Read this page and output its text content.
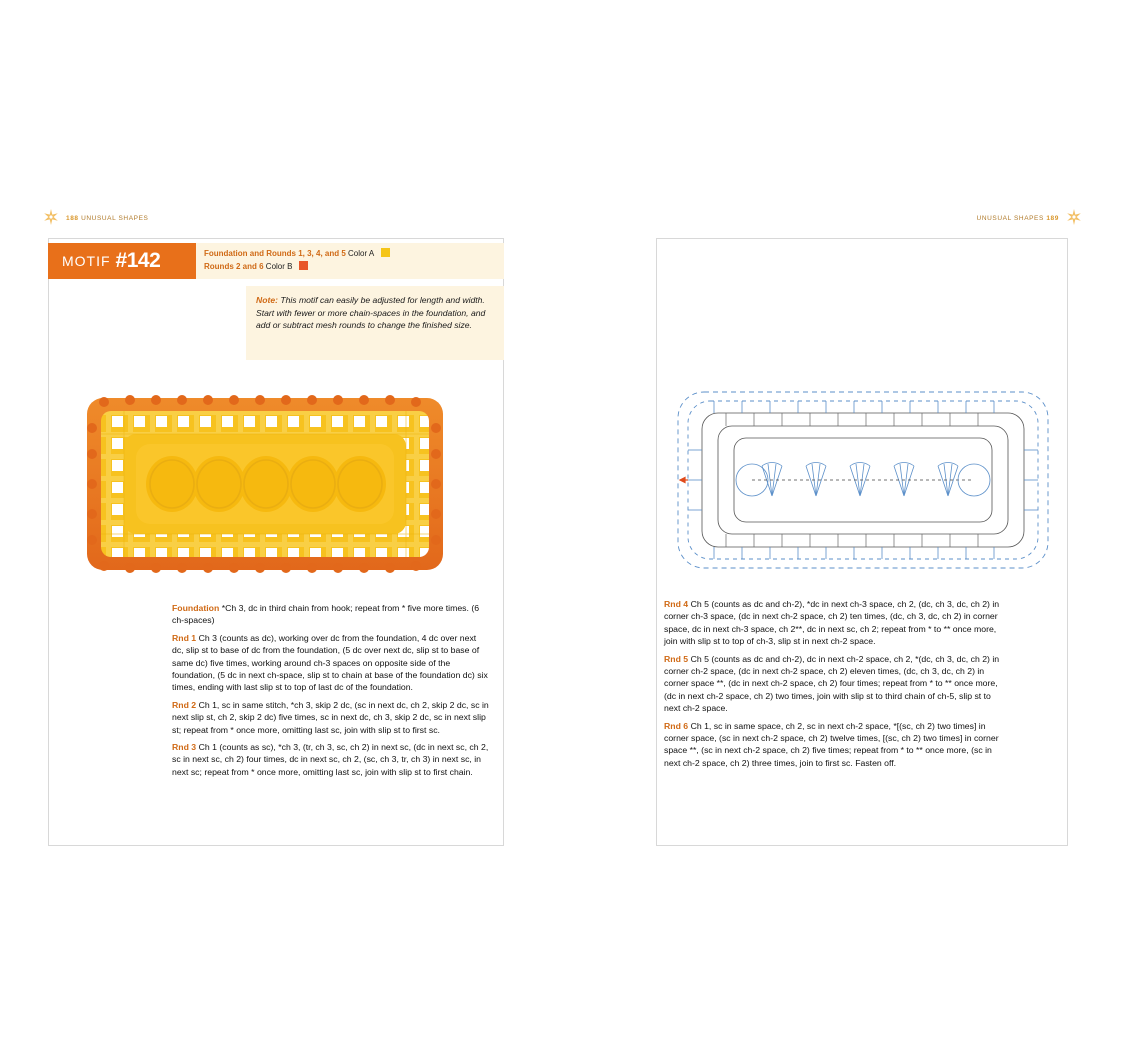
188 UNUSUAL SHAPES
MOTIF #142	Foundation and Rounds 1, 3, 4, and 5 Color A
Rounds 2 and 6 Color B

Note: This motif can easily be adjusted for length and width. Start with fewer or more chain-spaces in the foundation, and add or subtract mesh rounds to change the finished size.

Foundation *Ch 3, dc in third chain from hook; repeat from * five more times. (6 ch-spaces)

Rnd 1 Ch 3 (counts as dc), working over dc from the foundation, 4 dc over next dc, slip st to base of dc from the foundation, (5 dc over next dc, slip st to base of same dc) five times, working around ch-3 spaces on opposite side of the foundation, (5 dc in next ch-space, slip st to chain at base of the foundation dc) six times, ending with last slip st to top of last dc of the foundation.

Rnd 2 Ch 1, sc in same stitch, *ch 3, skip 2 dc, (sc in next dc, ch 2, skip 2 dc, sc in next slip st, ch 2, skip 2 dc) five times, sc in next dc, ch 3, skip 2 dc, sc in next slip st; repeat from * once more, omitting last sc, join with slip st to first sc.

Rnd 3 Ch 1 (counts as sc), *ch 3, (tr, ch 3, sc, ch 2) in next sc, (dc in next sc, ch 2, sc in next sc, ch 2) four times, dc in next sc, ch 2, (sc, ch 3, tr, ch 3) in next sc, in next sc; repeat from * once more, omitting last sc, join with slip st to first chain.

UNUSUAL SHAPES 189

Rnd 4 Ch 5 (counts as dc and ch-2), *dc in next ch-3 space, ch 2, (dc, ch 3, dc, ch 2) in corner ch-3 space, (dc in next ch-2 space, ch 2) ten times, (dc, ch 3, dc, ch 2) in corner space, dc in next ch-3 space, ch 2**, dc in next sc, ch 2; repeat from * to ** once more, join with slip st to top of ch-3, slip st in next ch-2 space.

Rnd 5 Ch 5 (counts as dc and ch-2), dc in next ch-2 space, ch 2, *(dc, ch 3, dc, ch 2) in corner ch-2 space, (dc in next ch-2 space, ch 2) eleven times, (dc, ch 3, dc, ch 2) in corner space **, (dc in next ch-2 space, ch 2) four times; repeat from * to ** once more, (dc in next ch-2 space, ch 2) two times, join with slip st to third chain of ch-5, slip st to next ch-2 space.

Rnd 6 Ch 1, sc in same space, ch 2, sc in next ch-2 space, *[(sc, ch 2) two times] in corner space, (sc in next ch-2 space, ch 2) twelve times, [(sc, ch 2) two times] in corner space **, (sc in next ch-2 space, ch 2) five times; repeat from * to ** once more, (sc in next ch-2 space, ch 2) three times, join to first sc. Fasten off.
